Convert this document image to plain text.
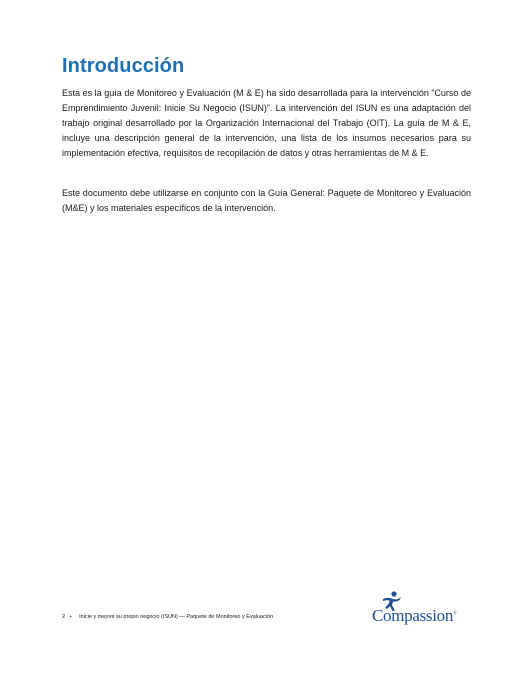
Introducción

Esta es la guía de Monitoreo y Evaluación (M & E) ha sido desarrollada para la intervención “Curso de Emprendimiento Juvenil: Inicie Su Negocio (ISUN)”. La intervención del ISUN es una adaptación del trabajo original desarrollado por la Organización Internacional del Trabajo (OIT). La guía de M & E, incluye una descripción general de la intervención, una lista de los insumos necesarios para su implementación efectiva, requisitos de recopilación de datos y otras herramientas de M & E.

Este documento debe utilizarse en conjunto con la Guía General: Paquete de Monitoreo y Evaluación (M&E) y los materiales específicos de la intervención.

2 • Inicie y mejore su propio negocio (ISUN) — Paquete de Monitoreo y Evaluación	Compassion®
